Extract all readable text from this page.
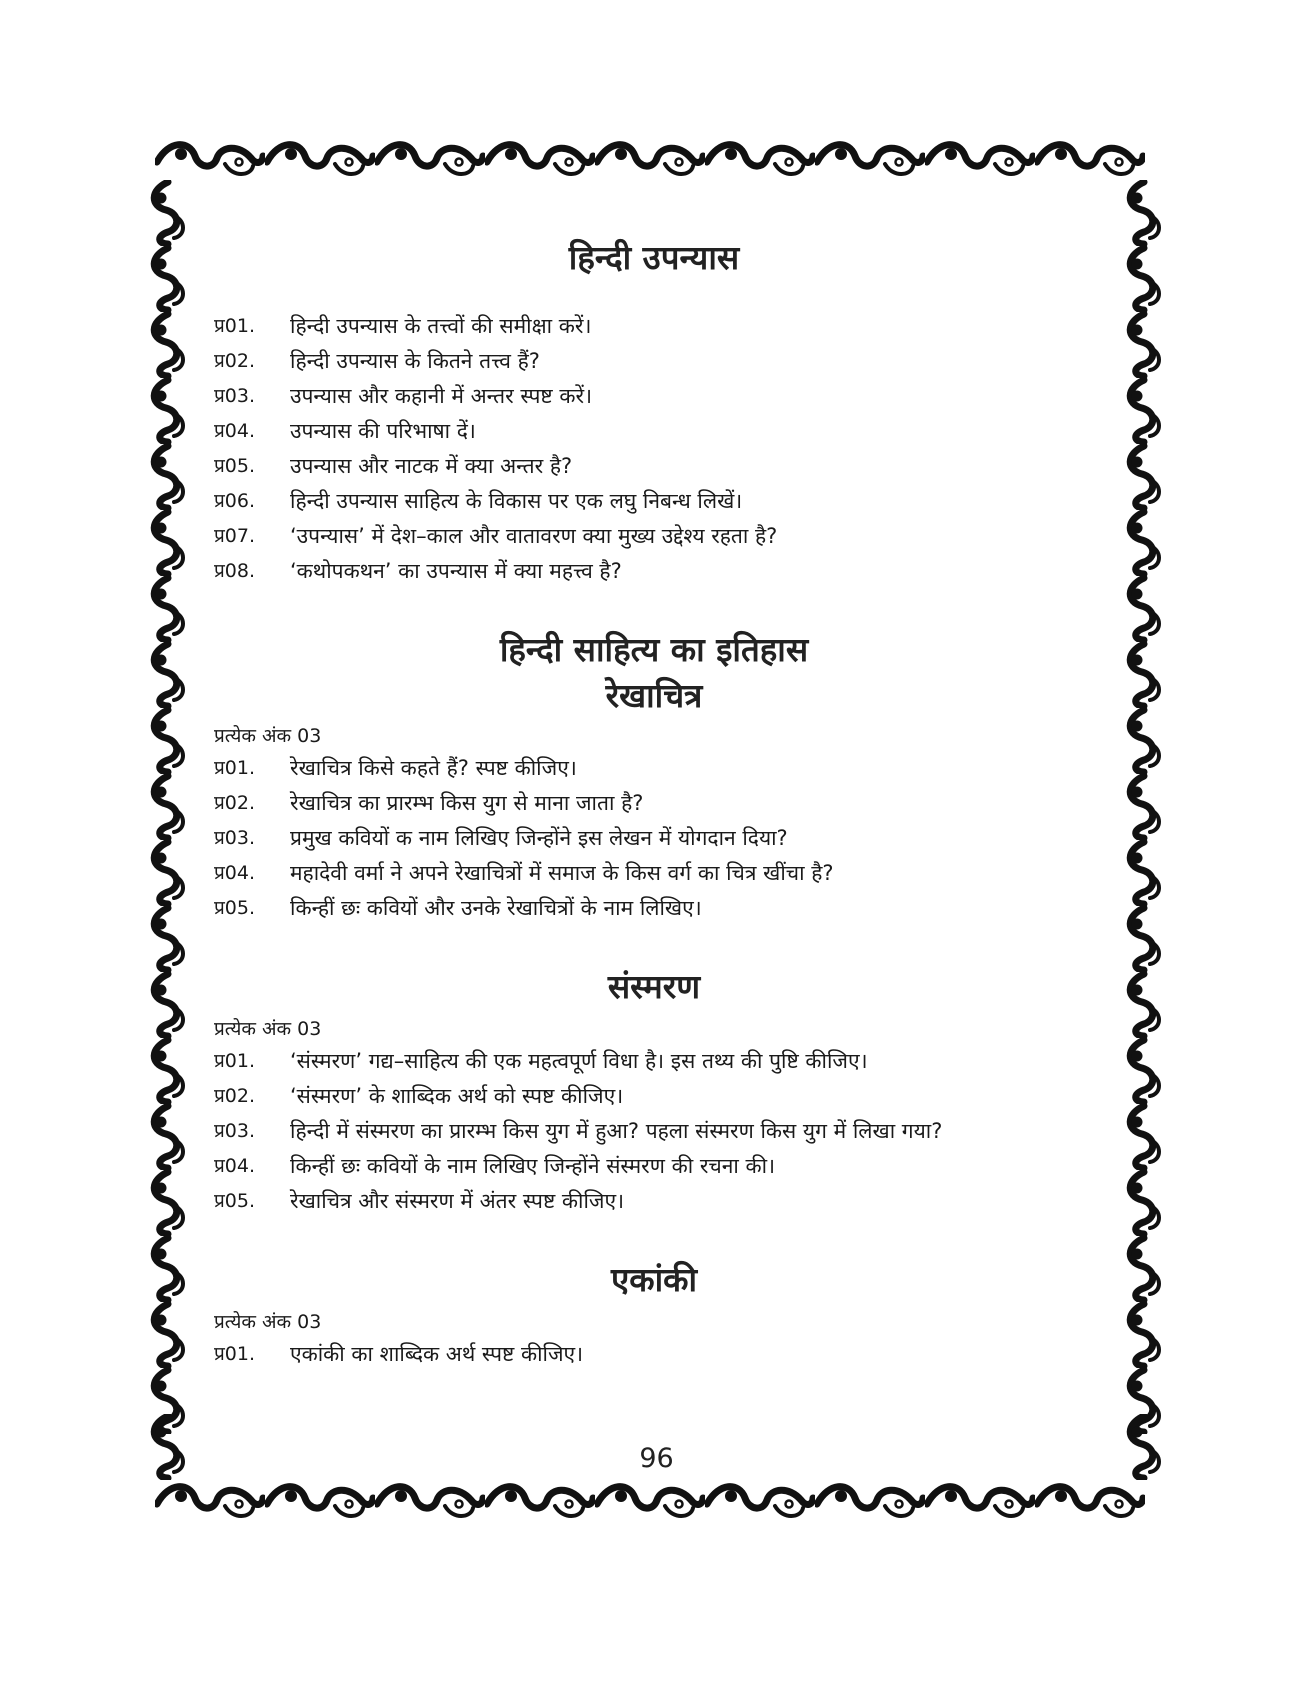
हिन्दी उपन्यास
प्र01.	हिन्दी उपन्यास के तत्त्वों की समीक्षा करें।
प्र02.	हिन्दी उपन्यास के कितने तत्त्व हैं?
प्र03.	उपन्यास और कहानी में अन्तर स्पष्ट करें।
प्र04.	उपन्यास की परिभाषा दें।
प्र05.	उपन्यास और नाटक में क्या अन्तर है?
प्र06.	हिन्दी उपन्यास साहित्य के विकास पर एक लघु निबन्ध लिखें।
प्र07.	‘उपन्यास’ में देश–काल और वातावरण क्या मुख्य उद्देश्य रहता है?
प्र08.	‘कथोपकथन’ का उपन्यास में क्या महत्त्व है?
हिन्दी साहित्य का इतिहास
रेखाचित्र

प्रत्येक अंक 03

प्र01.	रेखाचित्र किसे कहते हैं? स्पष्ट कीजिए।
प्र02.	रेखाचित्र का प्रारम्भ किस युग से माना जाता है?
प्र03.	प्रमुख कवियों क नाम लिखिए जिन्होंने इस लेखन में योगदान दिया?
प्र04.	महादेवी वर्मा ने अपने रेखाचित्रों में समाज के किस वर्ग का चित्र खींचा है?
प्र05.	किन्हीं छः कवियों और उनके रेखाचित्रों के नाम लिखिए।
संस्मरण

प्रत्येक अंक 03

प्र01.	‘संस्मरण’ गद्य–साहित्य की एक महत्वपूर्ण विधा है। इस तथ्य की पुष्टि कीजिए।
प्र02.	‘संस्मरण’ के शाब्दिक अर्थ को स्पष्ट कीजिए।
प्र03.	हिन्दी में संस्मरण का प्रारम्भ किस युग में हुआ? पहला संस्मरण किस युग में लिखा गया?
प्र04.	किन्हीं छः कवियों के नाम लिखिए जिन्होंने संस्मरण की रचना की।
प्र05.	रेखाचित्र और संस्मरण में अंतर स्पष्ट कीजिए।
एकांकी

प्रत्येक अंक 03

प्र01.	एकांकी का शाब्दिक अर्थ स्पष्ट कीजिए।
96
